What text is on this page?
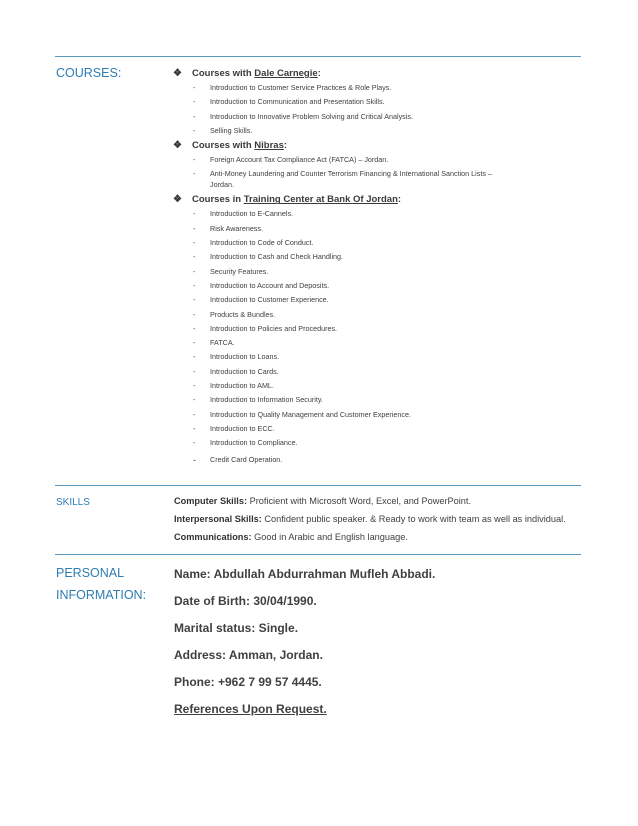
COURSES:	❖ Courses with Dale Carnegie:
- Introduction to Customer Service Practices & Role Plays.
- Introduction to Communication and Presentation Skills.
- Introduction to Innovative Problem Solving and Critical Analysis.
- Selling Skills.
❖ Courses with Nibras:
- Foreign Account Tax Compliance Act (FATCA) – Jordan.
- Anti-Money Laundering and Counter Terrorism Financing & International Sanction Lists – Jordan.
❖ Courses in Training Center at Bank Of Jordan:
- Introduction to E-Cannels.
- Risk Awareness.
- Introduction to Code of Conduct.
- Introduction to Cash and Check Handling.
- Security Features.
- Introduction to Account and Deposits.
- Introduction to Customer Experience.
- Products & Bundles.
- Introduction to Policies and Procedures.
- FATCA.
- Introduction to Loans.
- Introduction to Cards.
- Introduction to AML.
- Introduction to Information Security.
- Introduction to Quality Management and Customer Experience.
- Introduction to ECC.
- Introduction to Compliance.
- Credit Card Operation.
SKILLS	Computer Skills: Proficient with Microsoft Word, Excel, and PowerPoint.
Interpersonal Skills: Confident public speaker. & Ready to work with team as well as individual.
Communications: Good in Arabic and English language.
PERSONAL
INFORMATION:
Name: Abdullah Abdurrahman Mufleh Abbadi.
Date of Birth: 30/04/1990.
Marital status: Single.
Address: Amman, Jordan.
Phone: +962 7 99 57 4445.
References Upon Request.
